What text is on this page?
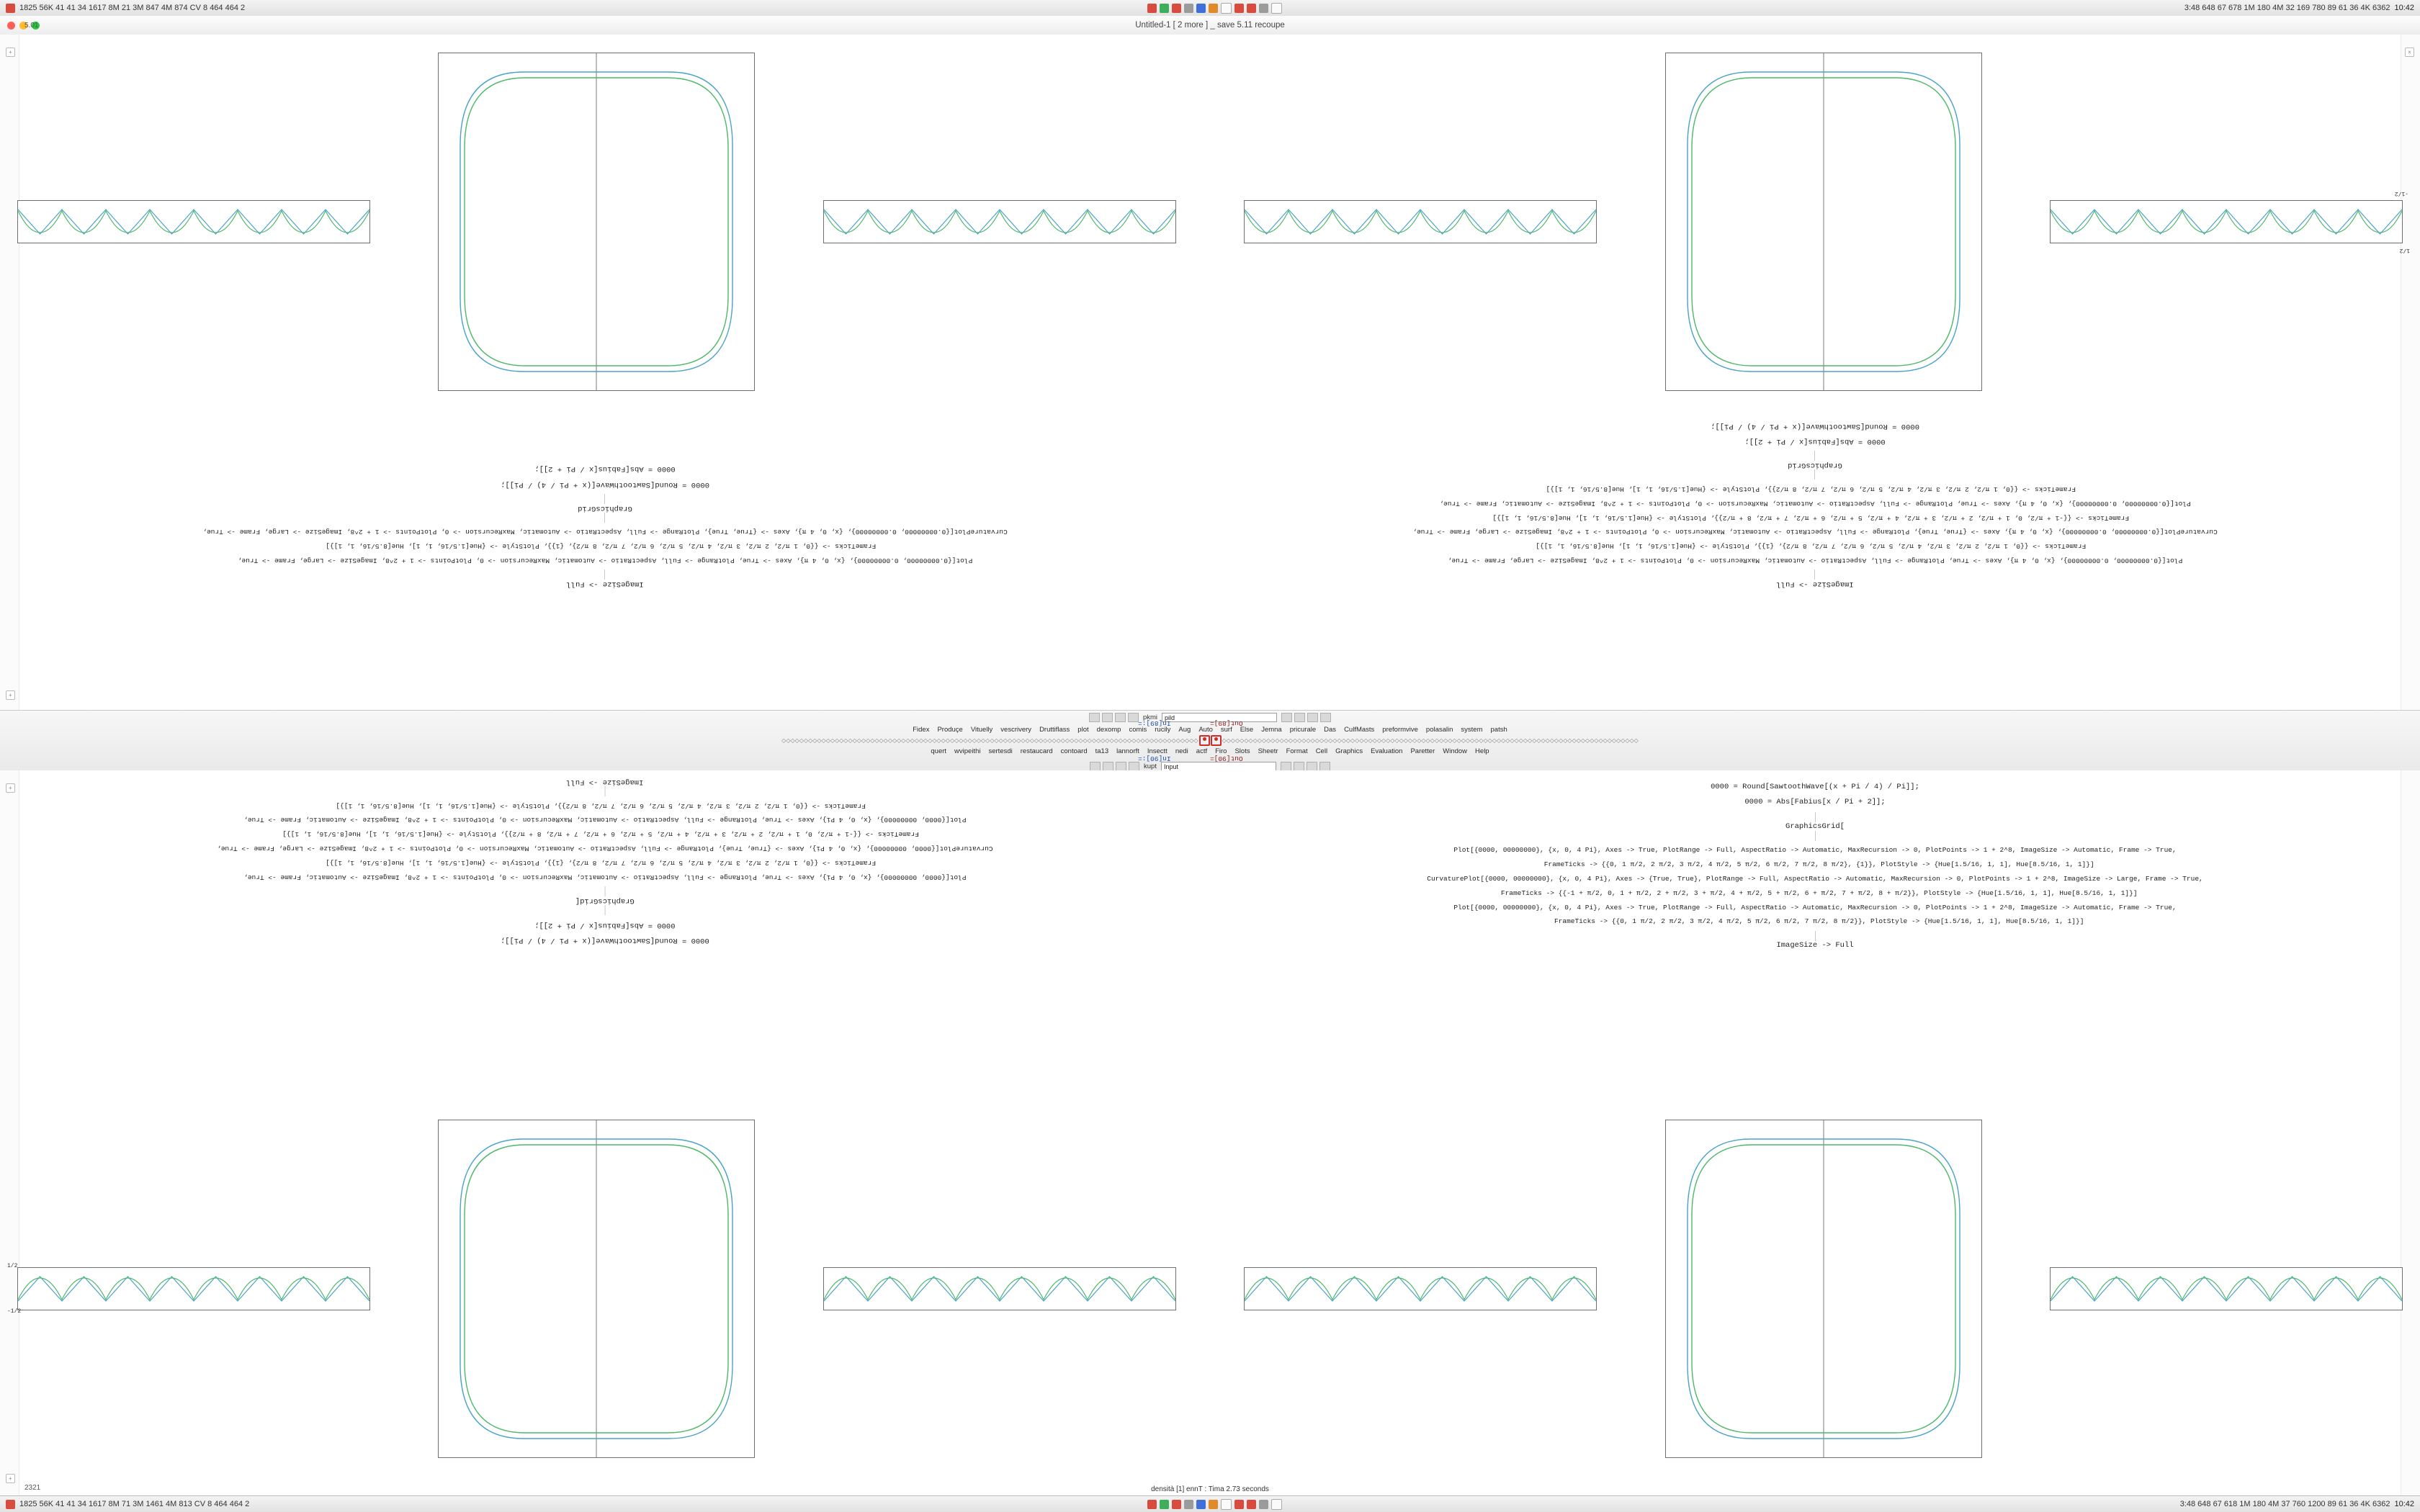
1825 56K 41 41 34 1617 8M 21 3M 847 4M 874 CV 8 464 464 2	3:48 648 67 678 1M 180 4M 32 169 780 89 61 36 4K 6362 10:42
Untitled-1 [ 2 more ] _ save 5.11 recoupe
+
+
×
5.01
1/2
-1/2
ImageSize -> Full
Plot[{0.00000000, 0.00000000}, {x, 0, 4 π}, Axes -> True, PlotRange -> Full, AspectRatio -> Automatic, MaxRecursion -> 0, PlotPoints -> 1 + 2^8, ImageSize -> Large, Frame -> True,
FrameTicks -> {{0, 1 π/2, 2 π/2, 3 π/2, 4 π/2, 5 π/2, 6 π/2, 7 π/2, 8 π/2}, {1}}, PlotStyle -> {Hue[1.5/16, 1, 1], Hue[8.5/16, 1, 1]}]
CurvaturePlot[{0.00000000, 0.00000000}, {x, 0, 4 π}, Axes -> {True, True}, PlotRange -> Full, AspectRatio -> Automatic, MaxRecursion -> 0, PlotPoints -> 1 + 2^8, ImageSize -> Large, Frame -> True,
FrameTicks -> {{-1 + π/2, 0, 1 + π/2, 2 + π/2, 3 + π/2, 4 + π/2, 5 + π/2, 6 + π/2, 7 + π/2, 8 + π/2}}, PlotStyle -> {Hue[1.5/16, 1, 1], Hue[8.5/16, 1, 1]}]
Plot[{0.00000000, 0.00000000}, {x, 0, 4 π}, Axes -> True, PlotRange -> Full, AspectRatio -> Automatic, MaxRecursion -> 0, PlotPoints -> 1 + 2^8, ImageSize -> Automatic, Frame -> True,
FrameTicks -> {{0, 1 π/2, 2 π/2, 3 π/2, 4 π/2, 5 π/2, 6 π/2, 7 π/2, 8 π/2}}, PlotStyle -> {Hue[1.5/16, 1, 1], Hue[8.5/16, 1, 1]}]
GraphicsGrid
0000 = Abs[Fabius[x / Pi + 2]];
0000 = Round[SawtoothWave[(x + Pi / 4) / Pi]];
ImageSize -> Full
Plot[{0.00000000, 0.00000000}, {x, 0, 4 π}, Axes -> True, PlotRange -> Full, AspectRatio -> Automatic, MaxRecursion -> 0, PlotPoints -> 1 + 2^8, ImageSize -> Large, Frame -> True,
FrameTicks -> {{0, 1 π/2, 2 π/2, 3 π/2, 4 π/2, 5 π/2, 6 π/2, 7 π/2, 8 π/2}, {1}}, PlotStyle -> {Hue[1.5/16, 1, 1], Hue[8.5/16, 1, 1]}]
CurvaturePlot[{0.00000000, 0.00000000}, {x, 0, 4 π}, Axes -> {True, True}, PlotRange -> Full, AspectRatio -> Automatic, MaxRecursion -> 0, PlotPoints -> 1 + 2^8, ImageSize -> Large, Frame -> True,
GraphicsGrid
0000 = Round[SawtoothWave[(x + Pi / 4) / Pi]];
0000 = Abs[Fabius[x / Pi + 2]];
pkmi	pild
Fidex Produçe Vituelly vescrivery Druttiflass plot dexomp comis rucily Aug Auto surf Else Jemna pricurale Das CulfMasts preformvive polasalin system patsh
◇◇◇◇◇◇◇◇◇◇◇◇◇◇◇◇◇◇◇◇◇◇◇◇◇◇◇◇◇◇◇◇◇◇◇◇◇◇◇◇◇◇◇◇◇◇◇◇◇◇◇◇◇◇◇◇◇◇◇◇◇◇◇◇◇◇◇◇◇◇◇◇◇◇◇◇◇◇◇◇◇◇◇◇◇◇◇◇◇◇◇◇◇◇	◇◇◇◇◇◇◇◇◇◇◇◇◇◇◇◇◇◇◇◇◇◇◇◇◇◇◇◇◇◇◇◇◇◇◇◇◇◇◇◇◇◇◇◇◇◇◇◇◇◇◇◇◇◇◇◇◇◇◇◇◇◇◇◇◇◇◇◇◇◇◇◇◇◇◇◇◇◇◇◇◇◇◇◇◇◇◇◇◇◇◇◇◇◇
quert wvipeithi sertesdi restaucard contoard ta13 lannorft Insectt nedi actf Firo Slots Sheetr Format Cell Graphics Evaluation Paretter Window Help
kupt	Input
In[89]:=	Out[89]=
In[90]:=	Out[90]=
+
+
0000 = Round[SawtoothWave[(x + Pi / 4) / Pi]];
0000 = Abs[Fabius[x / Pi + 2]];
GraphicsGrid[
Plot[{0000, 00000000}, {x, 0, 4 Pi}, Axes -> True, PlotRange -> Full, AspectRatio -> Automatic, MaxRecursion -> 0, PlotPoints -> 1 + 2^8, ImageSize -> Automatic, Frame -> True,
FrameTicks -> {{0, 1 π/2, 2 π/2, 3 π/2, 4 π/2, 5 π/2, 6 π/2, 7 π/2, 8 π/2}, {1}}, PlotStyle -> {Hue[1.5/16, 1, 1], Hue[8.5/16, 1, 1]}]
CurvaturePlot[{0000, 00000000}, {x, 0, 4 Pi}, Axes -> {True, True}, PlotRange -> Full, AspectRatio -> Automatic, MaxRecursion -> 0, PlotPoints -> 1 + 2^8, ImageSize -> Large, Frame -> True,
FrameTicks -> {{-1 + π/2, 0, 1 + π/2, 2 + π/2, 3 + π/2, 4 + π/2, 5 + π/2, 6 + π/2, 7 + π/2, 8 + π/2}}, PlotStyle -> {Hue[1.5/16, 1, 1], Hue[8.5/16, 1, 1]}]
Plot[{0000, 00000000}, {x, 0, 4 Pi}, Axes -> True, PlotRange -> Full, AspectRatio -> Automatic, MaxRecursion -> 0, PlotPoints -> 1 + 2^8, ImageSize -> Automatic, Frame -> True,
FrameTicks -> {{0, 1 π/2, 2 π/2, 3 π/2, 4 π/2, 5 π/2, 6 π/2, 7 π/2, 8 π/2}}, PlotStyle -> {Hue[1.5/16, 1, 1], Hue[8.5/16, 1, 1]}]
ImageSize -> Full
0000 = Round[SawtoothWave[(x + Pi / 4) / Pi]];
0000 = Abs[Fabius[x / Pi + 2]];
GraphicsGrid[
Plot[{0000, 00000000}, {x, 0, 4 Pi}, Axes -> True, PlotRange -> Full, AspectRatio -> Automatic, MaxRecursion -> 0, PlotPoints -> 1 + 2^8, ImageSize -> Automatic, Frame -> True,
FrameTicks -> {{0, 1 π/2, 2 π/2, 3 π/2, 4 π/2, 5 π/2, 6 π/2, 7 π/2, 8 π/2}, {1}}, PlotStyle -> {Hue[1.5/16, 1, 1], Hue[8.5/16, 1, 1]}]
CurvaturePlot[{0000, 00000000}, {x, 0, 4 Pi}, Axes -> {True, True}, PlotRange -> Full, AspectRatio -> Automatic, MaxRecursion -> 0, PlotPoints -> 1 + 2^8, ImageSize -> Large, Frame -> True,
FrameTicks -> {{-1 + π/2, 0, 1 + π/2, 2 + π/2, 3 + π/2, 4 + π/2, 5 + π/2, 6 + π/2, 7 + π/2, 8 + π/2}}, PlotStyle -> {Hue[1.5/16, 1, 1], Hue[8.5/16, 1, 1]}]
Plot[{0000, 00000000}, {x, 0, 4 Pi}, Axes -> True, PlotRange -> Full, AspectRatio -> Automatic, MaxRecursion -> 0, PlotPoints -> 1 + 2^8, ImageSize -> Automatic, Frame -> True,
FrameTicks -> {{0, 1 π/2, 2 π/2, 3 π/2, 4 π/2, 5 π/2, 6 π/2, 7 π/2, 8 π/2}}, PlotStyle -> {Hue[1.5/16, 1, 1], Hue[8.5/16, 1, 1]}]
ImageSize -> Full
1/2
-1/2
2321	densità [1] ennT : Tima 2.73 seconds
1825 56K 41 41 34 1617 8M 71 3M 1461 4M 813 CV 8 464 464 2	3:48 648 67 618 1M 180 4M 37 760 1200 89 61 36 4K 6362 10:42
